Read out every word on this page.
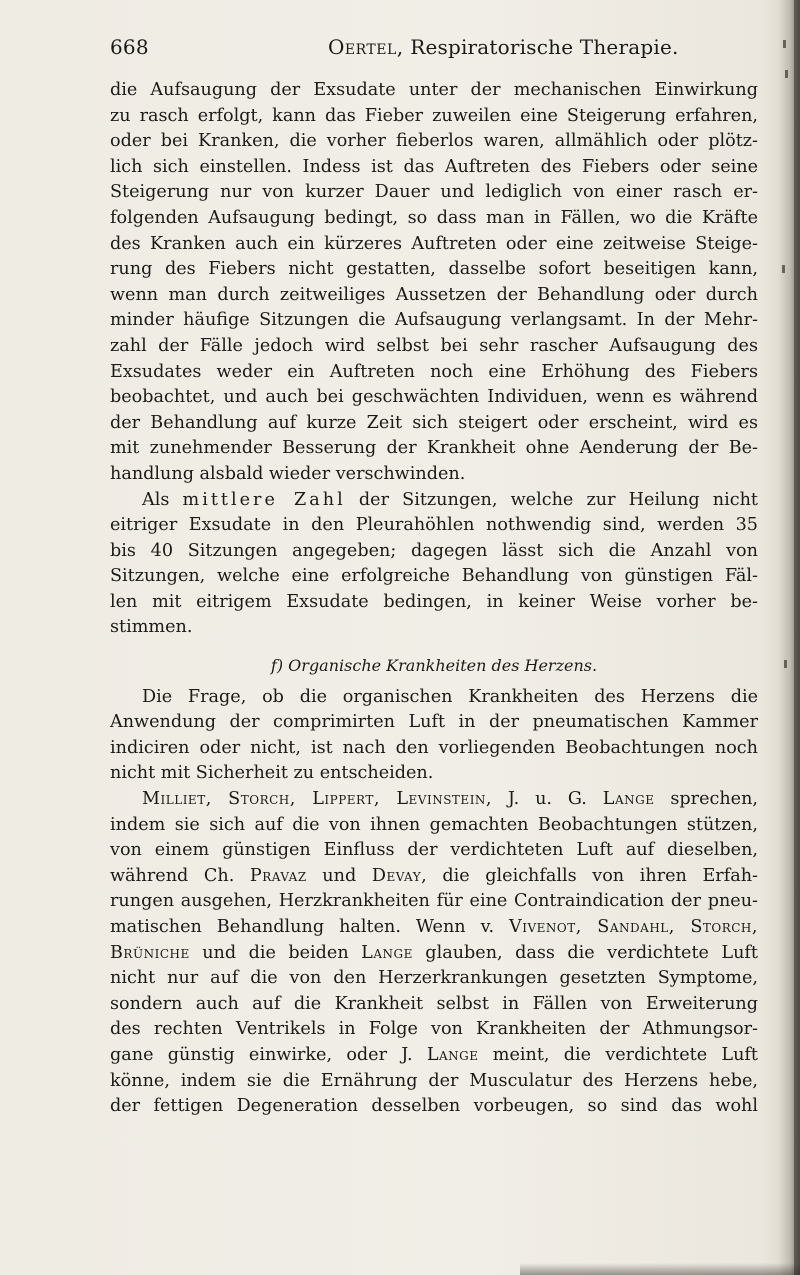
668	Oertel, Respiratorische Therapie.
die Aufsaugung der Exsudate unter der mechanischen Einwirkung
zu rasch erfolgt, kann das Fieber zuweilen eine Steigerung erfahren,
oder bei Kranken, die vorher fieberlos waren, allmählich oder plötz-
lich sich einstellen. Indess ist das Auftreten des Fiebers oder seine
Steigerung nur von kurzer Dauer und lediglich von einer rasch er-
folgenden Aufsaugung bedingt, so dass man in Fällen, wo die Kräfte
des Kranken auch ein kürzeres Auftreten oder eine zeitweise Steige-
rung des Fiebers nicht gestatten, dasselbe sofort beseitigen kann,
wenn man durch zeitweiliges Aussetzen der Behandlung oder durch
minder häufige Sitzungen die Aufsaugung verlangsamt. In der Mehr-
zahl der Fälle jedoch wird selbst bei sehr rascher Aufsaugung des
Exsudates weder ein Auftreten noch eine Erhöhung des Fiebers
beobachtet, und auch bei geschwächten Individuen, wenn es während
der Behandlung auf kurze Zeit sich steigert oder erscheint, wird es
mit zunehmender Besserung der Krankheit ohne Aenderung der Be-
handlung alsbald wieder verschwinden.
Als mittlere Zahl der Sitzungen, welche zur Heilung nicht
eitriger Exsudate in den Pleurahöhlen nothwendig sind, werden 35
bis 40 Sitzungen angegeben; dagegen lässt sich die Anzahl von
Sitzungen, welche eine erfolgreiche Behandlung von günstigen Fäl-
len mit eitrigem Exsudate bedingen, in keiner Weise vorher be-
stimmen.
f) Organische Krankheiten des Herzens.
Die Frage, ob die organischen Krankheiten des Herzens die
Anwendung der comprimirten Luft in der pneumatischen Kammer
indiciren oder nicht, ist nach den vorliegenden Beobachtungen noch
nicht mit Sicherheit zu entscheiden.
Milliet, Storch, Lippert, Levinstein, J. u. G. Lange sprechen,
indem sie sich auf die von ihnen gemachten Beobachtungen stützen,
von einem günstigen Einfluss der verdichteten Luft auf dieselben,
während Ch. Pravaz und Devay, die gleichfalls von ihren Erfah-
rungen ausgehen, Herzkrankheiten für eine Contraindication der pneu-
matischen Behandlung halten. Wenn v. Vivenot, Sandahl, Storch,
Brüniche und die beiden Lange glauben, dass die verdichtete Luft
nicht nur auf die von den Herzerkrankungen gesetzten Symptome,
sondern auch auf die Krankheit selbst in Fällen von Erweiterung
des rechten Ventrikels in Folge von Krankheiten der Athmungsor-
gane günstig einwirke, oder J. Lange meint, die verdichtete Luft
könne, indem sie die Ernährung der Musculatur des Herzens hebe,
der fettigen Degeneration desselben vorbeugen, so sind das wohl
